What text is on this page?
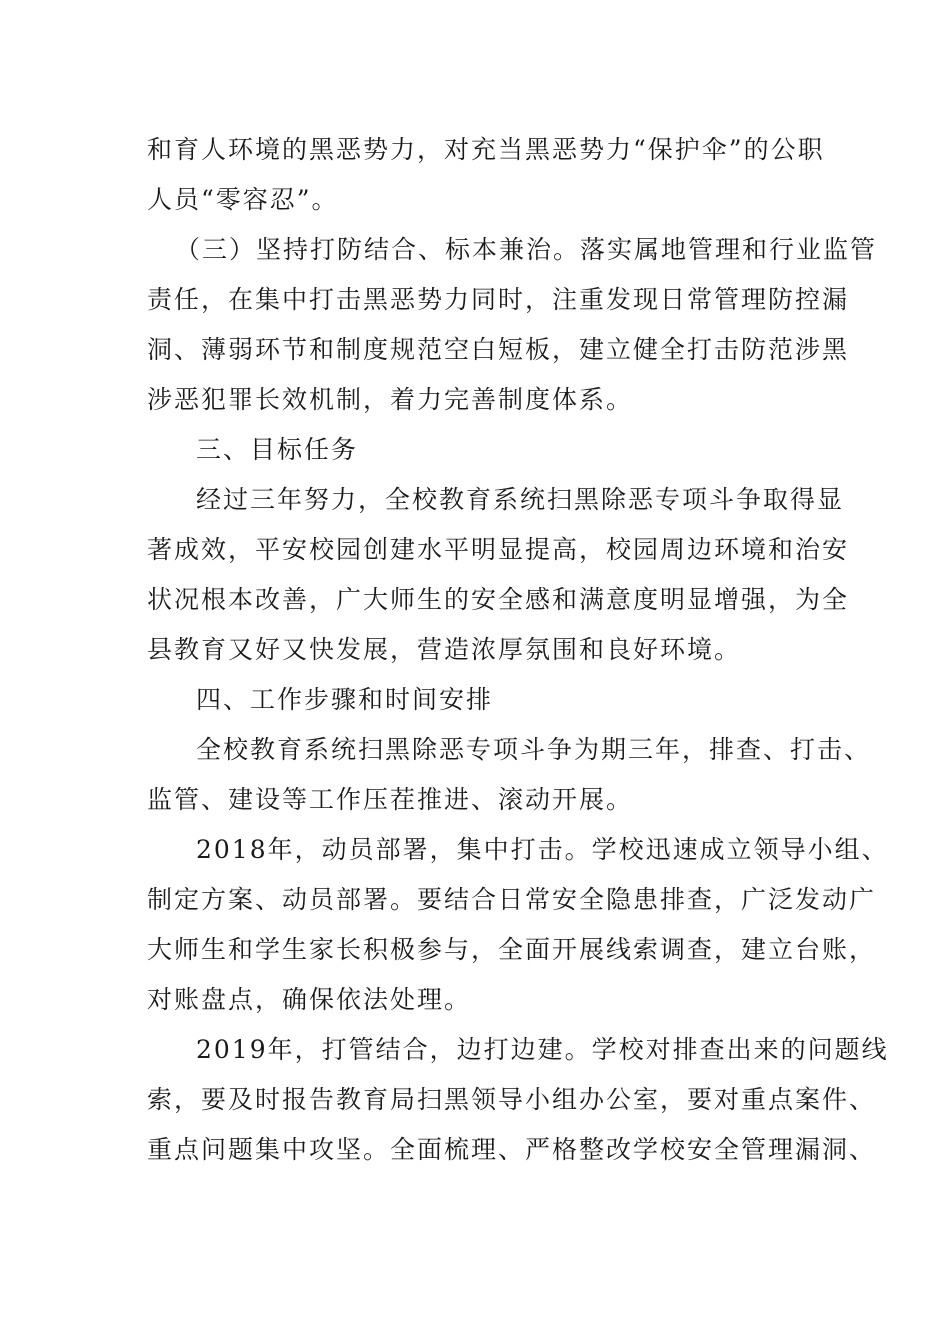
和育人环境的黑恶势力，对充当黑恶势力“保护伞”的公职
人员“零容忍”。
（三）坚持打防结合、标本兼治。落实属地管理和行业监管
责任，在集中打击黑恶势力同时，注重发现日常管理防控漏
洞、薄弱环节和制度规范空白短板，建立健全打击防范涉黑
涉恶犯罪长效机制，着力完善制度体系。
三、目标任务
经过三年努力，全校教育系统扫黑除恶专项斗争取得显
著成效，平安校园创建水平明显提高，校园周边环境和治安
状况根本改善，广大师生的安全感和满意度明显增强，为全
县教育又好又快发展，营造浓厚氛围和良好环境。
四、工作步骤和时间安排
全校教育系统扫黑除恶专项斗争为期三年，排查、打击、
监管、建设等工作压茬推进、滚动开展。
2018年，动员部署，集中打击。学校迅速成立领导小组、
制定方案、动员部署。要结合日常安全隐患排查，广泛发动广
大师生和学生家长积极参与，全面开展线索调查，建立台账，
对账盘点，确保依法处理。
2019年，打管结合，边打边建。学校对排查出来的问题线
索，要及时报告教育局扫黑领导小组办公室，要对重点案件、
重点问题集中攻坚。全面梳理、严格整改学校安全管理漏洞、
